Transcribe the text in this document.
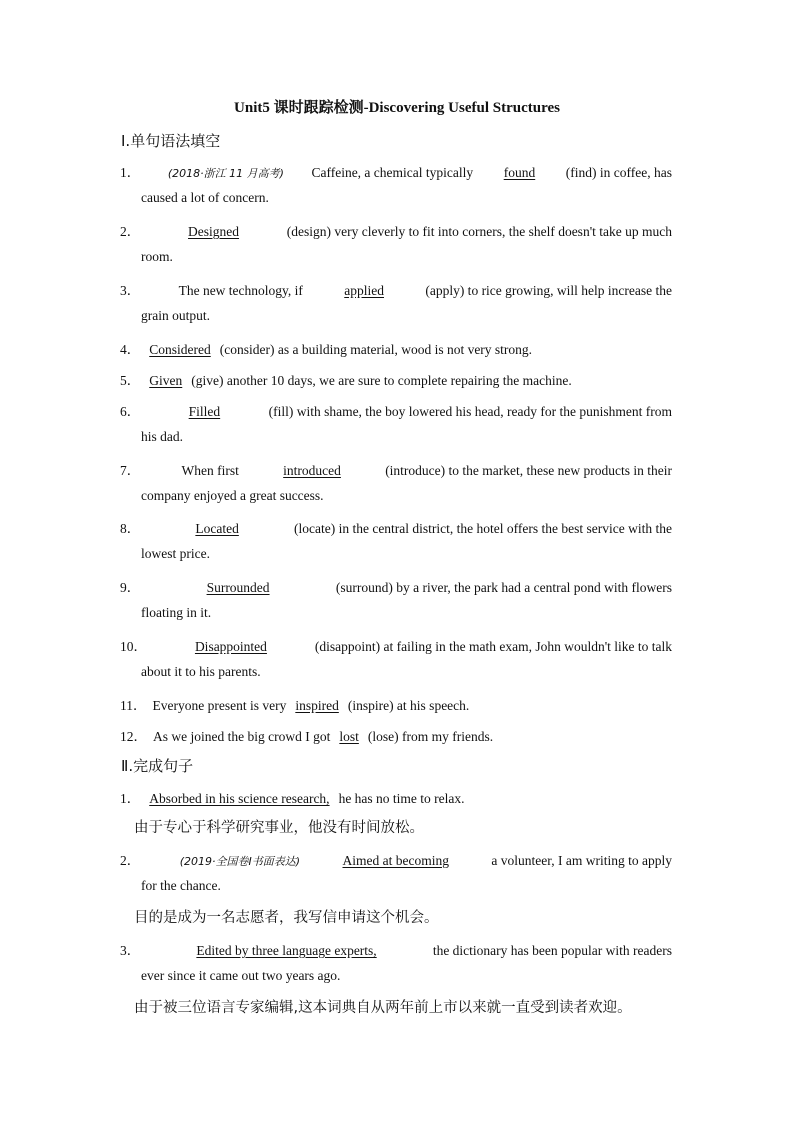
Unit5 课时跟踪检测-Discovering Useful Structures
Ⅰ.单句语法填空
1．	(2018·浙江 11 月高考) Caffeine, a chemical typically found (find) in coffee, has
caused a lot of concern.
2．	Designed	(design) very cleverly to fit into corners, the shelf doesn't take up much
room.
3．	The new technology, if	applied	(apply) to rice growing, will help increase the
grain output.
4． Considered (consider) as a building material, wood is not very strong.
5． Given (give) another 10 days, we are sure to complete repairing the machine.
6．	Filled	(fill) with shame, the boy lowered his head, ready for the punishment from
his dad.
7．	When first	introduced	(introduce) to the market, these new products in their
company enjoyed a great success.
8．	Located	(locate) in the central district, the hotel offers the best service with the
lowest price.
9．	Surrounded	(surround) by a river, the park had a central pond with flowers
floating in it.
10．	Disappointed	(disappoint) at failing in the math exam, John wouldn't like to talk
about it to his parents.
11． Everyone present is very inspired (inspire) at his speech.
12． As we joined the big crowd I got lost (lose) from my friends.
Ⅱ.完成句子
1． Absorbed in his science research, he has no time to relax.
由于专心于科学研究事业，他没有时间放松。
2．	(2019·全国卷Ⅰ书面表达)	Aimed at becoming	a volunteer, I am writing to apply
for the chance.
目的是成为一名志愿者，我写信申请这个机会。
3．	Edited by three language experts,	the dictionary has been popular with readers
ever since it came out two years ago.
由于被三位语言专家编辑,这本词典自从两年前上市以来就一直受到读者欢迎。
